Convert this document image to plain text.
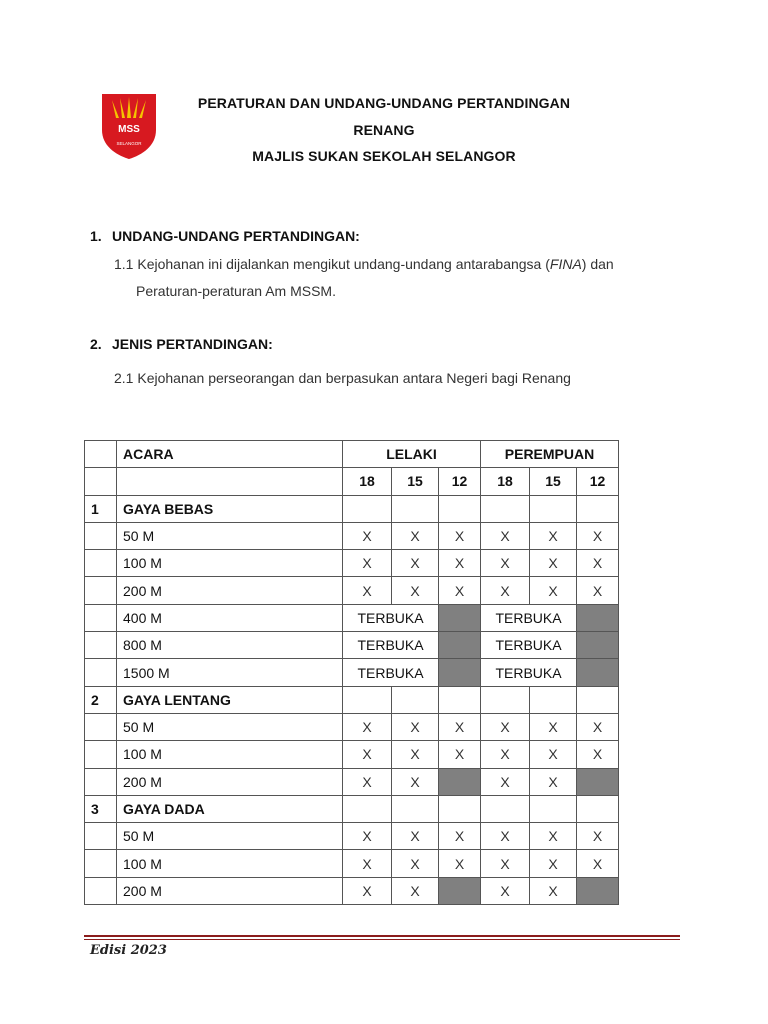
MSS
SELANGOR
PERATURAN DAN UNDANG-UNDANG PERTANDINGAN
RENANG
MAJLIS SUKAN SEKOLAH SELANGOR
1. UNDANG-UNDANG PERTANDINGAN:
1.1 Kejohanan ini dijalankan mengikut undang-undang antarabangsa (FINA) dan
Peraturan-peraturan Am MSSM.
2. JENIS PERTANDINGAN:
2.1 Kejohanan perseorangan dan berpasukan antara Negeri bagi Renang
	ACARA	LELAKI			PEREMPUAN		
		18	15	12	18	15	12
1	GAYA BEBAS						
	50 M	X	X	X	X	X	X
	100 M	X	X	X	X	X	X
	200 M	X	X	X	X	X	X
	400 M	TERBUKA			TERBUKA		
	800 M	TERBUKA			TERBUKA		
	1500 M	TERBUKA			TERBUKA		
2	GAYA LENTANG						
	50 M	X	X	X	X	X	X
	100 M	X	X	X	X	X	X
	200 M	X	X		X	X	
3	GAYA DADA						
	50 M	X	X	X	X	X	X
	100 M	X	X	X	X	X	X
	200 M	X	X		X	X	
Edisi 2023
